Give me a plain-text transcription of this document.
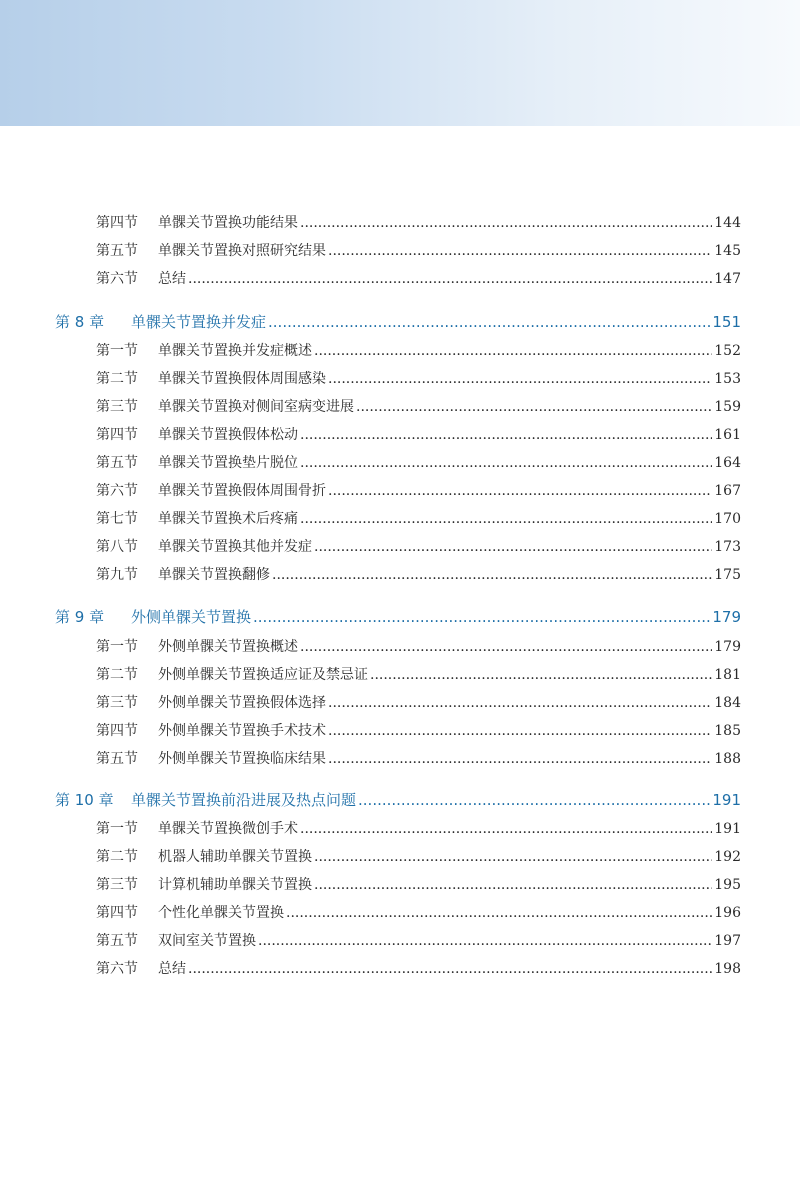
第四节	单髁关节置换功能结果 .....	144
第五节	单髁关节置换对照研究结果 .....	145
第六节	总结 .....	147
第 8 章	单髁关节置换并发症 .....	151
第一节	单髁关节置换并发症概述 .....	152
第二节	单髁关节置换假体周围感染 .....	153
第三节	单髁关节置换对侧间室病变进展 .....	159
第四节	单髁关节置换假体松动 .....	161
第五节	单髁关节置换垫片脱位 .....	164
第六节	单髁关节置换假体周围骨折 .....	167
第七节	单髁关节置换术后疼痛 .....	170
第八节	单髁关节置换其他并发症 .....	173
第九节	单髁关节置换翻修 .....	175
第 9 章	外侧单髁关节置换 .....	179
第一节	外侧单髁关节置换概述 .....	179
第二节	外侧单髁关节置换适应证及禁忌证 .....	181
第三节	外侧单髁关节置换假体选择 .....	184
第四节	外侧单髁关节置换手术技术 .....	185
第五节	外侧单髁关节置换临床结果 .....	188
第 10 章	单髁关节置换前沿进展及热点问题 .....	191
第一节	单髁关节置换微创手术 .....	191
第二节	机器人辅助单髁关节置换 .....	192
第三节	计算机辅助单髁关节置换 .....	195
第四节	个性化单髁关节置换 .....	196
第五节	双间室关节置换 .....	197
第六节	总结 .....	198
